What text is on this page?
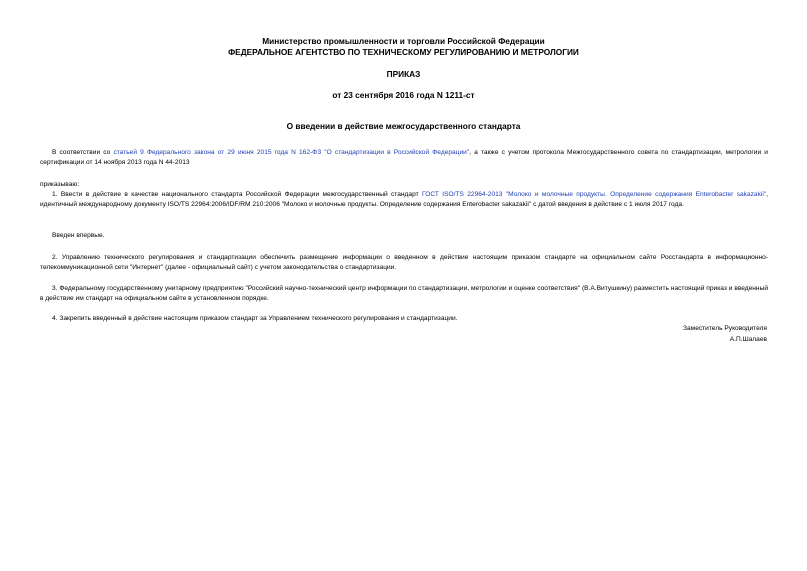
Министерство промышленности и торговли Российской Федерации
ФЕДЕРАЛЬНОЕ АГЕНТСТВО ПО ТЕХНИЧЕСКОМУ РЕГУЛИРОВАНИЮ И МЕТРОЛОГИИ
ПРИКАЗ
от 23 сентября 2016 года N 1211-ст
О введении в действие межгосударственного стандарта
В соответствии со статьей 9 Федерального закона от 29 июня 2015 года N 162-ФЗ "О стандартизации в Российской Федерации", а также с учетом протокола Межгосударственного совета по стандартизации, метрологии и сертификации от 14 ноября 2013 года N 44-2013
приказываю:
1. Ввести в действие в качестве национального стандарта Российской Федерации межгосударственный стандарт ГОСТ ISO/TS 22964-2013 "Молоко и молочные продукты. Определение содержания Enterobacter sakazakii", идентичный международному документу ISO/TS 22964:2006/IDF/RM 210:2006 "Молоко и молочные продукты. Определение содержания Enterobacter sakazakii" с датой введения в действие с 1 июля 2017 года.
Введен впервые.
2. Управлению технического регулирования и стандартизации обеспечить размещение информации о введенном в действие настоящим приказом стандарте на официальном сайте Росстандарта в информационно-телекоммуникационной сети "Интернет" (далее - официальный сайт) с учетом законодательства о стандартизации.
3. Федеральному государственному унитарному предприятию "Российский научно-технический центр информации по стандартизации, метрологии и оценке соответствия" (В.А.Витушкину) разместить настоящий приказ и введенный в действие им стандарт на официальном сайте в установленном порядке.
4. Закрепить введенный в действие настоящим приказом стандарт за Управлением технического регулирования и стандартизации.
Заместитель Руководителя
А.П.Шалаев
